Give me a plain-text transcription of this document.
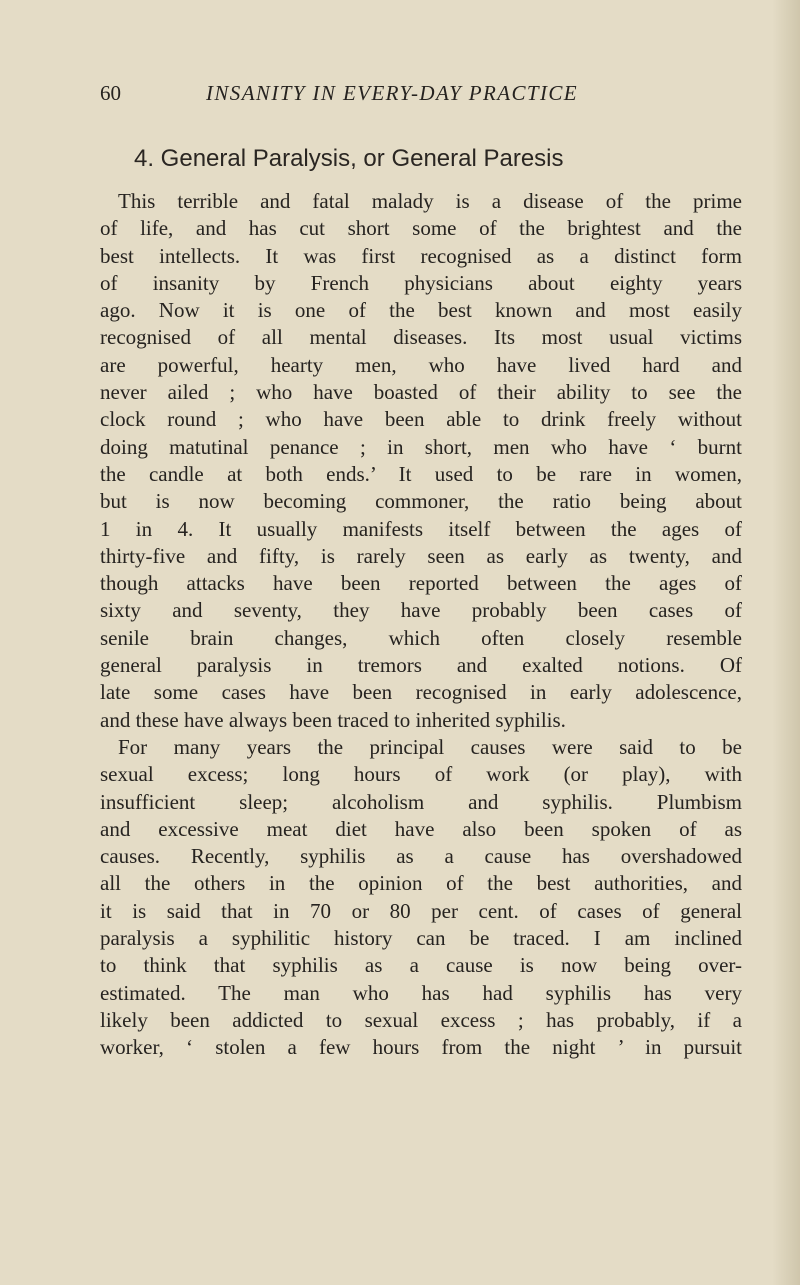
60	INSANITY IN EVERY-DAY PRACTICE
4. General Paralysis, or General Paresis
This terrible and fatal malady is a disease of the prime
of life, and has cut short some of the brightest and the
best intellects. It was first recognised as a distinct form
of insanity by French physicians about eighty years
ago. Now it is one of the best known and most easily
recognised of all mental diseases. Its most usual victims
are powerful, hearty men, who have lived hard and
never ailed ; who have boasted of their ability to see the
clock round ; who have been able to drink freely without
doing matutinal penance ; in short, men who have ‘ burnt
the candle at both ends.’ It used to be rare in women,
but is now becoming commoner, the ratio being about
1 in 4. It usually manifests itself between the ages of
thirty-five and fifty, is rarely seen as early as twenty, and
though attacks have been reported between the ages of
sixty and seventy, they have probably been cases of
senile brain changes, which often closely resemble
general paralysis in tremors and exalted notions. Of
late some cases have been recognised in early adolescence,
and these have always been traced to inherited syphilis.
For many years the principal causes were said to be
sexual excess; long hours of work (or play), with
insufficient sleep; alcoholism and syphilis. Plumbism
and excessive meat diet have also been spoken of as
causes. Recently, syphilis as a cause has overshadowed
all the others in the opinion of the best authorities, and
it is said that in 70 or 80 per cent. of cases of general
paralysis a syphilitic history can be traced. I am inclined
to think that syphilis as a cause is now being over-
estimated. The man who has had syphilis has very
likely been addicted to sexual excess ; has probably, if a
worker, ‘ stolen a few hours from the night ’ in pursuit
